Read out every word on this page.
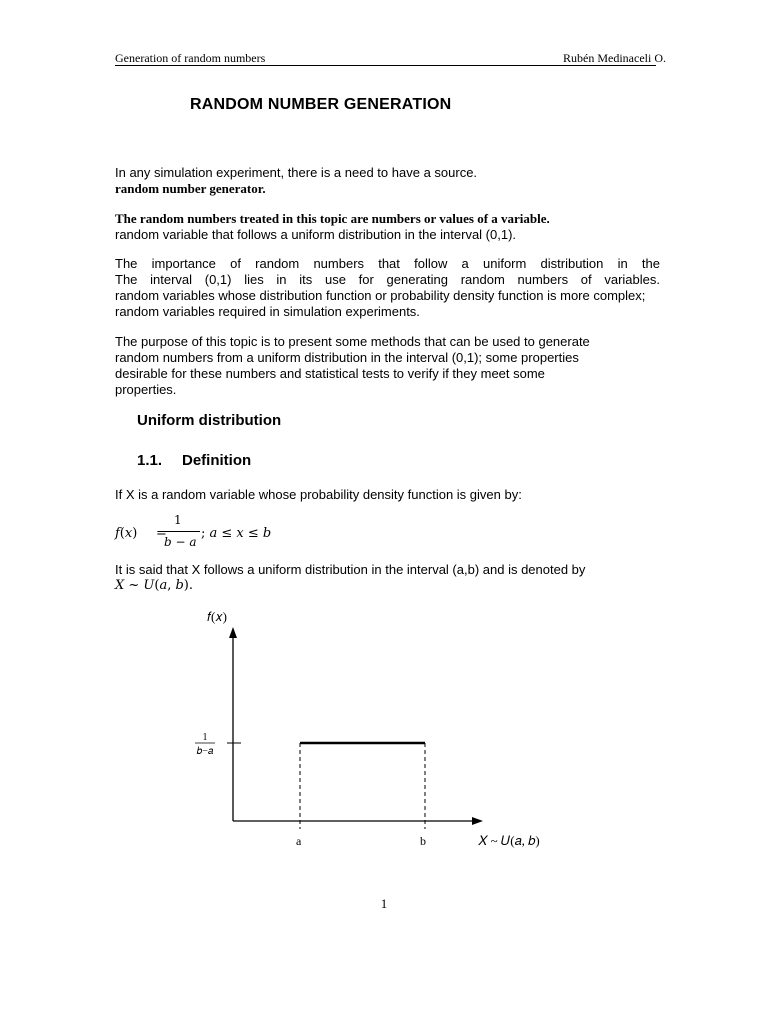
Generation of random numbers	Rubén Medinaceli O.
RANDOM NUMBER GENERATION
In any simulation experiment, there is a need to have a source.
random number generator.
The random numbers treated in this topic are numbers or values of a variable.
random variable that follows a uniform distribution in the interval (0,1).
The importance of random numbers that follow a uniform distribution in the
The interval (0,1) lies in its use for generating random numbers of variables.
random variables whose distribution function or probability density function is more complex;
random variables required in simulation experiments.
The purpose of this topic is to present some methods that can be used to generate
random numbers from a uniform distribution in the interval (0,1); some properties
desirable for these numbers and statistical tests to verify if they meet some
properties.
Uniform distribution
1.1. Definition
If X is a random variable whose probability density function is given by:
𝑓(𝑥) =
1
𝑏 − 𝑎
; 𝑎 ≤ 𝑥 ≤ 𝑏
It is said that X follows a uniform distribution in the interval (a,b) and is denoted by
𝑋 ~ 𝑈(𝑎, 𝑏).
a	b
1
𝑏−𝑎
𝑓(𝑥)
𝑋 ~ 𝑈(𝑎, 𝑏)
1
